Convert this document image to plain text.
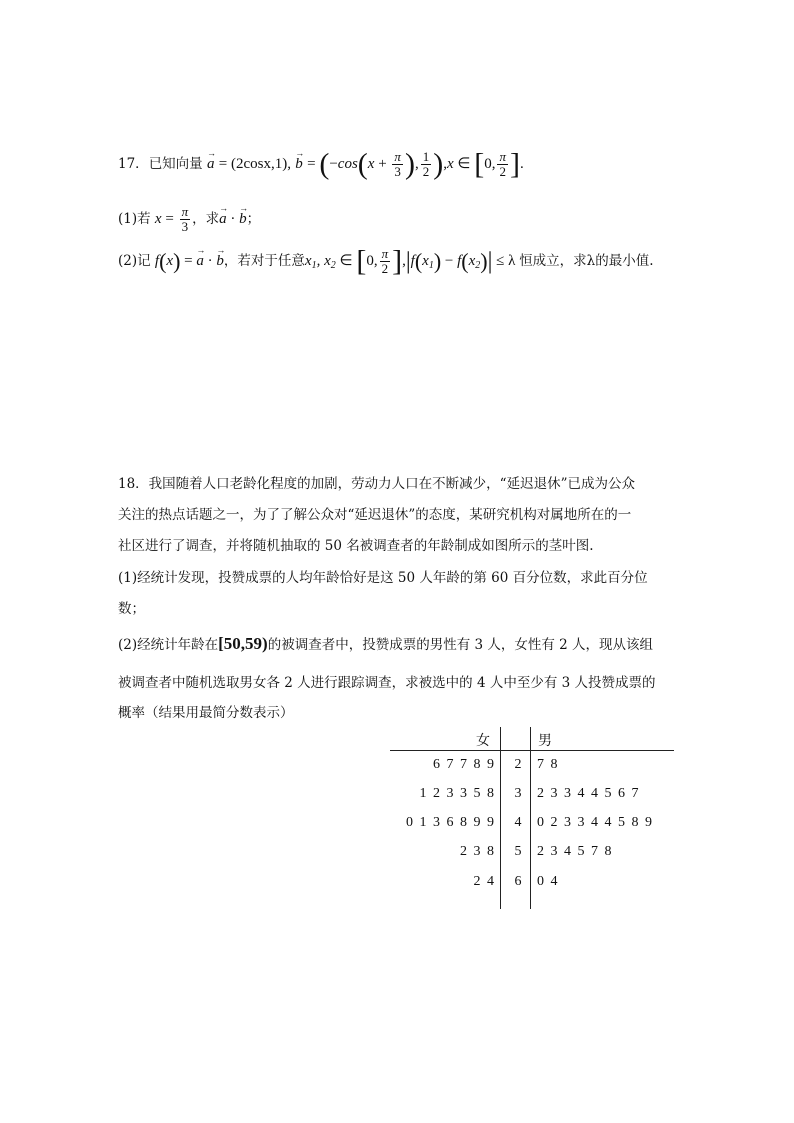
17．已知向量 → a = (2cosx,1), → $b = (-\cos(x + \frac{\pi}{3}$ ), $\frac{1}{2} ),x$ ∈ [0, $\frac{\pi}{2}$ ].
(1)若 $x = \frac{\pi}{3}$ ，求→ a · → b；
(2)记 f(x) = → a · → b，若对于任意$x_1$, $x_2$ ∈ [0, $\frac{\pi}{2} ],|f(x_1) - f(x_2)| \le \lambda$ 恒成立，求λ的最小值.
18．我国随着人口老龄化程度的加剧，劳动力人口在不断减少，“延迟退休”已成为公众
关注的热点话题之一，为了了解公众对“延迟退休”的态度，某研究机构对属地所在的一
社区进行了调查，并将随机抽取的 50 名被调查者的年龄制成如图所示的茎叶图.
(1)经统计发现，投赞成票的人均年龄恰好是这 50 人年龄的第 60 百分位数，求此百分位
数；
(2)经统计年龄在[50,59)的被调查者中，投赞成票的男性有 3 人，女性有 2 人，现从该组
被调查者中随机选取男女各 2 人进行跟踪调查，求被选中的 4 人中至少有 3 人投赞成票的
概率（结果用最简分数表示）
女	男
6 7 7 8 9	2	7 8
1 2 3 3 5 8	3	2 3 3 4 4 5 6 7
0 1 3 6 8 9 9	4	0 2 3 3 4 4 5 8 9
2 3 8	5	2 3 4 5 7 8
2 4	6	0 4
